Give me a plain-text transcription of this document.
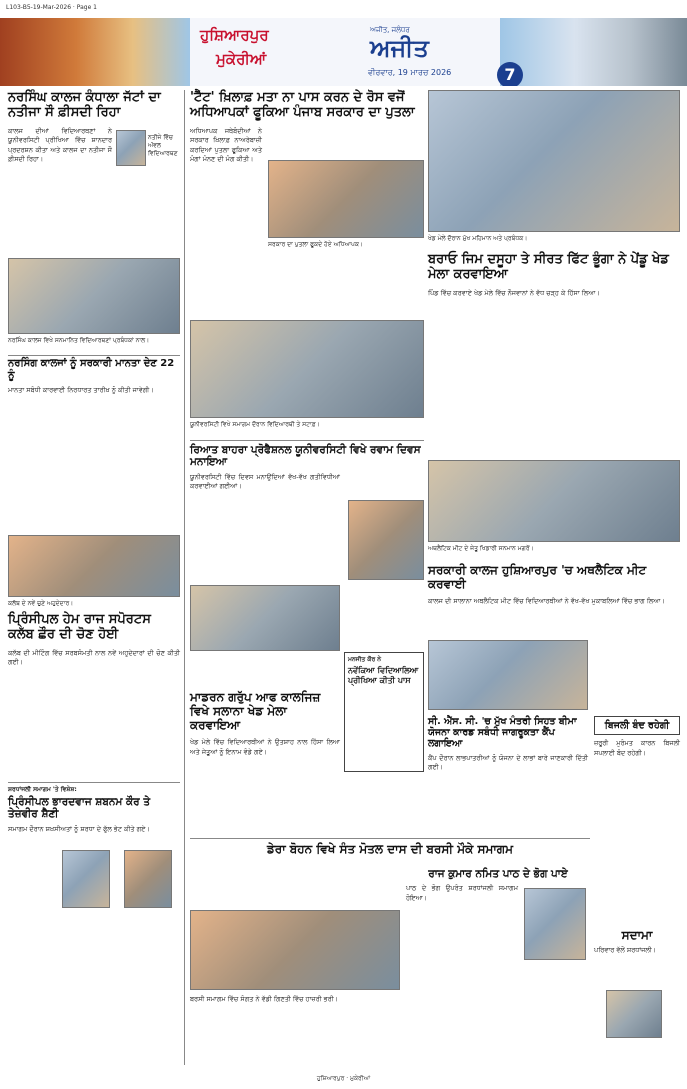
L103-B5-19-Mar-2026 · Page 1
ਹੁਸ਼ਿਆਰਪੁਰ
ਮੁਕੇਰੀਆਂ
ਅਜੀਤ, ਜਲੰਧਰ
ਅਜੀਤ
ਵੀਰਵਾਰ, 19 ਮਾਰਚ 2026	7
ਨਰਸਿੰਘ ਕਾਲਜ ਕੰਧਾਲਾ ਜੱਟਾਂ ਦਾ ਨਤੀਜਾ ਸੌ ਫ਼ੀਸਦੀ ਰਿਹਾ
ਨਤੀਜੇ ਵਿੱਚ ਅੱਵਲ ਵਿਦਿਆਰਥਣ
ਕਾਲਜ ਦੀਆਂ ਵਿਦਿਆਰਥਣਾਂ ਨੇ ਯੂਨੀਵਰਸਿਟੀ ਪ੍ਰੀਖਿਆ ਵਿੱਚ ਸ਼ਾਨਦਾਰ ਪ੍ਰਦਰਸ਼ਨ ਕੀਤਾ ਅਤੇ ਕਾਲਜ ਦਾ ਨਤੀਜਾ ਸੌ ਫ਼ੀਸਦੀ ਰਿਹਾ।
ਨਰਸਿੰਘ ਕਾਲਜ ਵਿਖੇ ਸਨਮਾਨਿਤ ਵਿਦਿਆਰਥਣਾਂ ਪ੍ਰਬੰਧਕਾਂ ਨਾਲ।
ਨਰਸਿੰਗ ਕਾਲਜਾਂ ਨੂੰ ਸਰਕਾਰੀ ਮਾਨਤਾ ਦੇਣ 22 ਨੂੰ
ਮਾਨਤਾ ਸਬੰਧੀ ਕਾਰਵਾਈ ਨਿਰਧਾਰਤ ਤਾਰੀਖ਼ ਨੂੰ ਕੀਤੀ ਜਾਵੇਗੀ।
ਕਲੱਬ ਦੇ ਨਵੇਂ ਚੁਣੇ ਅਹੁਦੇਦਾਰ।
ਪ੍ਰਿੰਸੀਪਲ ਹੇਮ ਰਾਜ ਸਪੋਰਟਸ ਕਲੱਬ ਛੌਰ ਦੀ ਚੋਣ ਹੋਈ
ਕਲੱਬ ਦੀ ਮੀਟਿੰਗ ਵਿੱਚ ਸਰਬਸੰਮਤੀ ਨਾਲ ਨਵੇਂ ਅਹੁਦੇਦਾਰਾਂ ਦੀ ਚੋਣ ਕੀਤੀ ਗਈ।
ਸ਼ਰਧਾਂਜਲੀ ਸਮਾਗਮ 'ਤੇ ਵਿਸ਼ੇਸ਼:
ਪ੍ਰਿੰਸੀਪਲ ਭਾਰਦਵਾਜ ਸ਼ਬਨਮ ਕੌਰ ਤੇ ਤੇਜ਼ਵੀਰ ਸ਼ੈਣੀ
ਸਮਾਗਮ ਦੌਰਾਨ ਸ਼ਖ਼ਸੀਅਤਾਂ ਨੂੰ ਸ਼ਰਧਾ ਦੇ ਫੁੱਲ ਭੇਟ ਕੀਤੇ ਗਏ।
'ਟੈੱਟ' ਖ਼ਿਲਾਫ਼ ਮਤਾ ਨਾ ਪਾਸ ਕਰਨ ਦੇ ਰੋਸ ਵਜੋਂ ਅਧਿਆਪਕਾਂ ਫੂਕਿਆ ਪੰਜਾਬ ਸਰਕਾਰ ਦਾ ਪੁਤਲਾ
ਅਧਿਆਪਕ ਜਥੇਬੰਦੀਆਂ ਨੇ ਸਰਕਾਰ ਖ਼ਿਲਾਫ਼ ਨਾਅਰੇਬਾਜ਼ੀ ਕਰਦਿਆਂ ਪੁਤਲਾ ਫੂਕਿਆ ਅਤੇ ਮੰਗਾਂ ਮੰਨਣ ਦੀ ਮੰਗ ਕੀਤੀ।
ਸਰਕਾਰ ਦਾ ਪੁਤਲਾ ਫੂਕਦੇ ਹੋਏ ਅਧਿਆਪਕ।
ਯੂਨੀਵਰਸਿਟੀ ਵਿਖੇ ਸਮਾਗਮ ਦੌਰਾਨ ਵਿਦਿਆਰਥੀ ਤੇ ਸਟਾਫ਼।
ਖੇਡ ਮੇਲੇ ਦੌਰਾਨ ਮੁੱਖ ਮਹਿਮਾਨ ਅਤੇ ਪ੍ਰਬੰਧਕ।
ਬਰਾਓ ਜਿਮ ਦਸੂਹਾ ਤੇ ਸੀਰਤ ਫਿੱਟ ਭੂੰਗਾ ਨੇ ਪੇਂਡੂ ਖੇਡ ਮੇਲਾ ਕਰਵਾਇਆ
ਪਿੰਡ ਵਿੱਚ ਕਰਵਾਏ ਖੇਡ ਮੇਲੇ ਵਿੱਚ ਨੌਜਵਾਨਾਂ ਨੇ ਵੱਧ ਚੜ੍ਹ ਕੇ ਹਿੱਸਾ ਲਿਆ।
ਰਿਆਤ ਬਾਹਰਾ ਪ੍ਰੋਫੈਸ਼ਨਲ ਯੂਨੀਵਰਸਿਟੀ ਵਿਖੇ ਰਵਾਮ ਦਿਵਸ ਮਨਾਇਆ
ਯੂਨੀਵਰਸਿਟੀ ਵਿੱਚ ਦਿਵਸ ਮਨਾਉਂਦਿਆਂ ਵੱਖ-ਵੱਖ ਗਤੀਵਿਧੀਆਂ ਕਰਵਾਈਆਂ ਗਈਆਂ।
ਅਥਲੈਟਿਕ ਮੀਟ ਦੇ ਜੇਤੂ ਖਿਡਾਰੀ ਸਨਮਾਨ ਮਗਰੋਂ।
ਸਰਕਾਰੀ ਕਾਲਜ ਹੁਸ਼ਿਆਰਪੁਰ 'ਚ ਅਥਲੈਟਿਕ ਮੀਟ ਕਰਵਾਈ
ਕਾਲਜ ਦੀ ਸਾਲਾਨਾ ਅਥਲੈਟਿਕ ਮੀਟ ਵਿੱਚ ਵਿਦਿਆਰਥੀਆਂ ਨੇ ਵੱਖ-ਵੱਖ ਮੁਕਾਬਲਿਆਂ ਵਿੱਚ ਭਾਗ ਲਿਆ।
ਮਾਡਰਨ ਗਰੁੱਪ ਆਫ ਕਾਲਜਿਜ਼ ਵਿਖੇ ਸਲਾਨਾ ਖੇਡ ਮੇਲਾ ਕਰਵਾਇਆ
ਖੇਡ ਮੇਲੇ ਵਿੱਚ ਵਿਦਿਆਰਥੀਆਂ ਨੇ ਉਤਸ਼ਾਹ ਨਾਲ ਹਿੱਸਾ ਲਿਆ ਅਤੇ ਜੇਤੂਆਂ ਨੂੰ ਇਨਾਮ ਵੰਡੇ ਗਏ।
ਮਨਜੀਤ ਕੌਰ ਨੇ
ਨਵੇਂਕਿਆ ਵਿਦਿਆਲਿਆ ਪ੍ਰੀਖਿਆ ਕੀਤੀ ਪਾਸ
ਸੀ. ਐੱਸ. ਸੀ. 'ਚ ਮੁੱਖ ਮੰਤਰੀ ਸਿਹਤ ਬੀਮਾ ਯੋਜਨਾ ਕਾਰਡ ਸਬੰਧੀ ਜਾਗਰੂਕਤਾ ਕੈਂਪ ਲਗਾਇਆ
ਕੈਂਪ ਦੌਰਾਨ ਲਾਭਪਾਤਰੀਆਂ ਨੂੰ ਯੋਜਨਾ ਦੇ ਲਾਭਾਂ ਬਾਰੇ ਜਾਣਕਾਰੀ ਦਿੱਤੀ ਗਈ।
ਬਿਜਲੀ ਬੰਦ ਰਹੇਗੀ
ਜ਼ਰੂਰੀ ਮੁਰੰਮਤ ਕਾਰਨ ਬਿਜਲੀ ਸਪਲਾਈ ਬੰਦ ਰਹੇਗੀ।
ਡੇਰਾ ਬੋਹਨ ਵਿਖੇ ਸੰਤ ਮੋਤਲ ਦਾਸ ਦੀ ਬਰਸੀ ਮੌਕੇ ਸਮਾਗਮ
ਬਰਸੀ ਸਮਾਗਮ ਵਿੱਚ ਸੰਗਤ ਨੇ ਵੱਡੀ ਗਿਣਤੀ ਵਿੱਚ ਹਾਜ਼ਰੀ ਭਰੀ।
ਰਾਜ ਕੁਮਾਰ ਨਮਿਤ ਪਾਠ ਦੇ ਭੋਗ ਪਾਏ
ਪਾਠ ਦੇ ਭੋਗ ਉਪਰੰਤ ਸ਼ਰਧਾਂਜਲੀ ਸਮਾਗਮ ਹੋਇਆ।
ਸਦਾਮਾ
ਪਰਿਵਾਰ ਵੱਲੋਂ ਸ਼ਰਧਾਂਜਲੀ।
ਹੁਸ਼ਿਆਰਪੁਰ · ਮੁਕੇਰੀਆਂ
